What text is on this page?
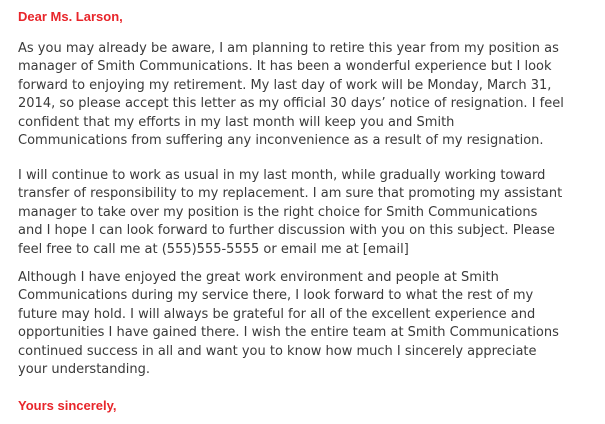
Dear Ms. Larson,
As you may already be aware, I am planning to retire this year from my position as
manager of Smith Communications. It has been a wonderful experience but I look
forward to enjoying my retirement. My last day of work will be Monday, March 31,
2014, so please accept this letter as my official 30 days’ notice of resignation. I feel
confident that my efforts in my last month will keep you and Smith
Communications from suffering any inconvenience as a result of my resignation.
I will continue to work as usual in my last month, while gradually working toward
transfer of responsibility to my replacement. I am sure that promoting my assistant
manager to take over my position is the right choice for Smith Communications
and I hope I can look forward to further discussion with you on this subject. Please
feel free to call me at (555)555-5555 or email me at [email]
Although I have enjoyed the great work environment and people at Smith
Communications during my service there, I look forward to what the rest of my
future may hold. I will always be grateful for all of the excellent experience and
opportunities I have gained there. I wish the entire team at Smith Communications
continued success in all and want you to know how much I sincerely appreciate
your understanding.
Yours sincerely,
